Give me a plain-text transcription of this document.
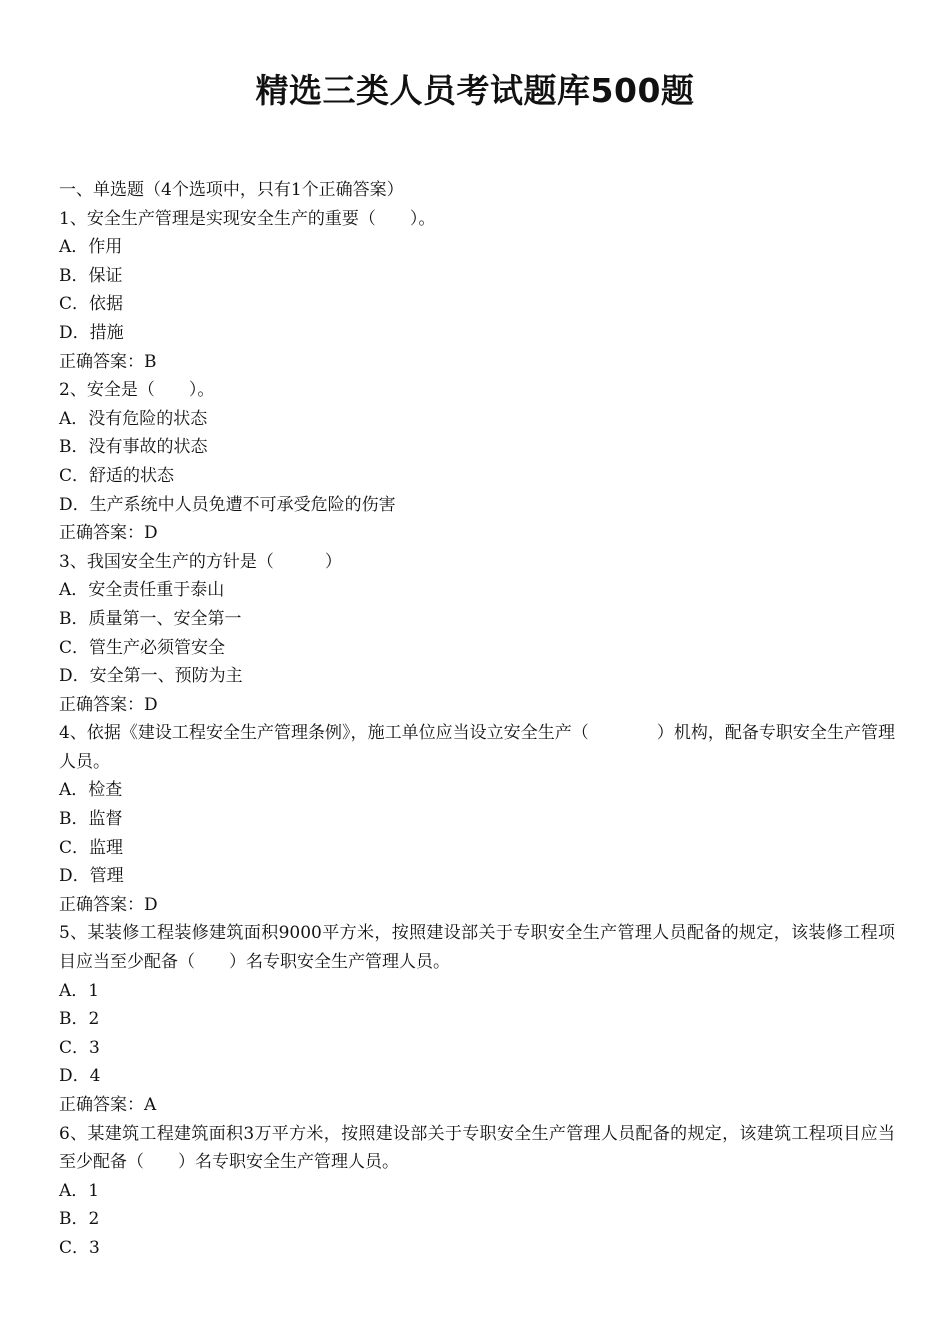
精选三类人员考试题库500题
一、单选题（4个选项中，只有1个正确答案）
1、安全生产管理是实现安全生产的重要（　　）。
A．作用
B．保证
C．依据
D．措施
正确答案：B
2、安全是（　　）。
A．没有危险的状态
B．没有事故的状态
C．舒适的状态
D．生产系统中人员免遭不可承受危险的伤害
正确答案：D
3、我国安全生产的方针是（　　　）
A．安全责任重于泰山
B．质量第一、安全第一
C．管生产必须管安全
D．安全第一、预防为主
正确答案：D
4、依据《建设工程安全生产管理条例》，施工单位应当设立安全生产（　　　　）机构，配备专职安全生产管理人员。
A．检查
B．监督
C．监理
D．管理
正确答案：D
5、某装修工程装修建筑面积9000平方米，按照建设部关于专职安全生产管理人员配备的规定，该装修工程项目应当至少配备（　　）名专职安全生产管理人员。
A．1
B．2
C．3
D．4
正确答案：A
6、某建筑工程建筑面积3万平方米，按照建设部关于专职安全生产管理人员配备的规定，该建筑工程项目应当至少配备（　　）名专职安全生产管理人员。
A．1
B．2
C．3
